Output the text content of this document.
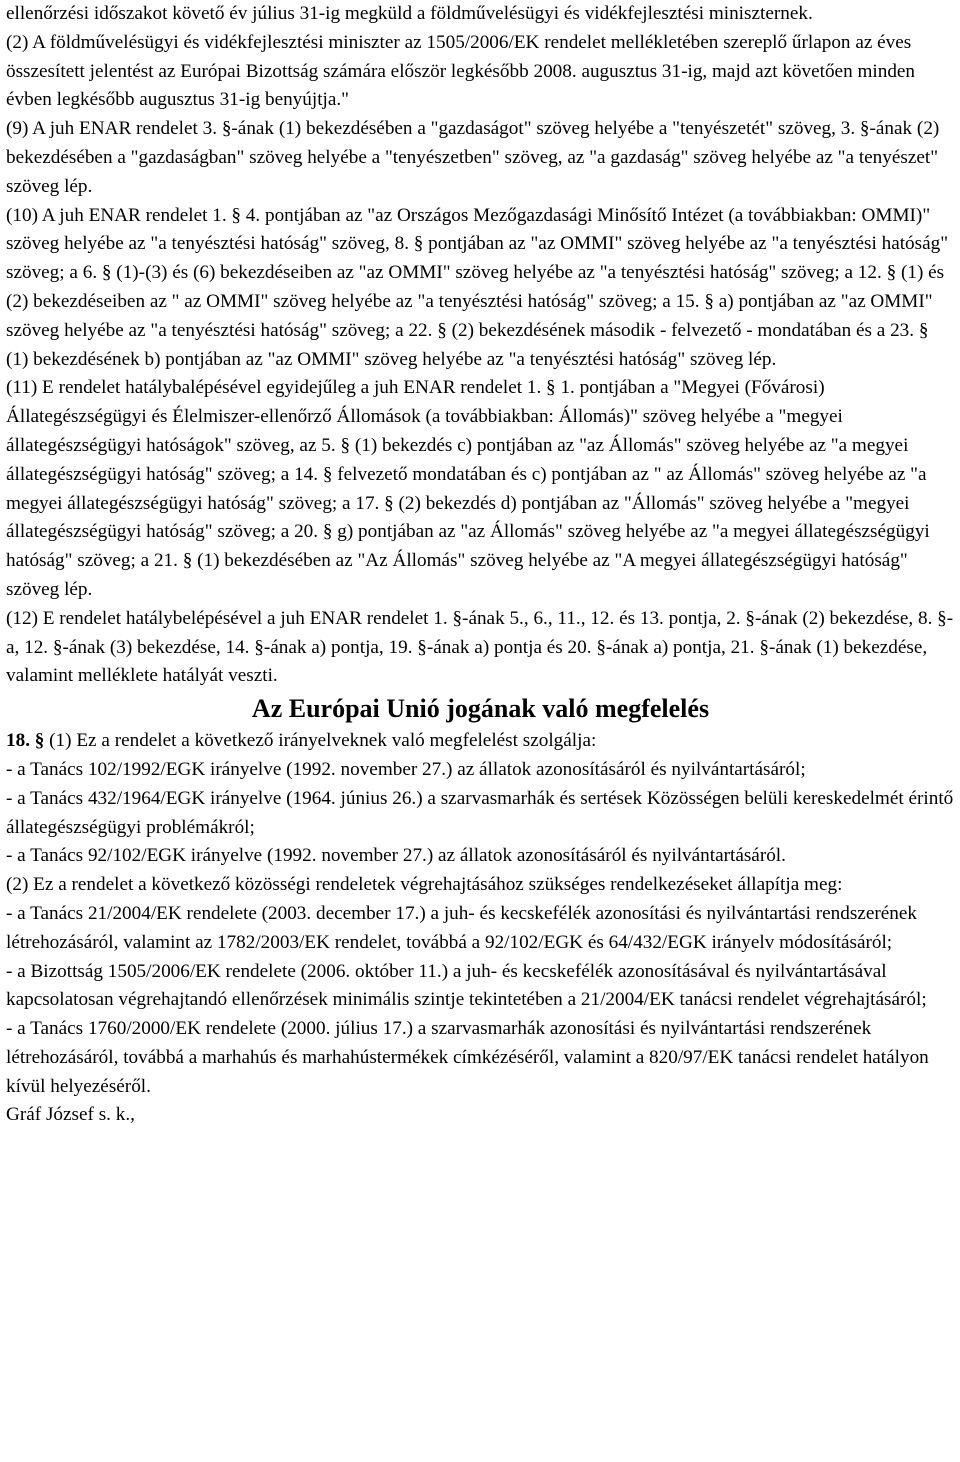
ellenőrzési időszakot követő év július 31-ig megküld a földművelésügyi és vidékfejlesztési miniszternek.

(2) A földművelésügyi és vidékfejlesztési miniszter az 1505/2006/EK rendelet mellékletében szereplő űrlapon az éves összesített jelentést az Európai Bizottság számára először legkésőbb 2008. augusztus 31-ig, majd azt követően minden évben legkésőbb augusztus 31-ig benyújtja."

(9) A juh ENAR rendelet 3. §-ának (1) bekezdésében a "gazdaságot" szöveg helyébe a "tenyészetét" szöveg, 3. §-ának (2) bekezdésében a "gazdaságban" szöveg helyébe a "tenyészetben" szöveg, az "a gazdaság" szöveg helyébe az "a tenyészet" szöveg lép.

(10) A juh ENAR rendelet 1. § 4. pontjában az "az Országos Mezőgazdasági Minősítő Intézet (a továbbiakban: OMMI)" szöveg helyébe az "a tenyésztési hatóság" szöveg, 8. § pontjában az "az OMMI" szöveg helyébe az "a tenyésztési hatóság" szöveg; a 6. § (1)-(3) és (6) bekezdéseiben az "az OMMI" szöveg helyébe az "a tenyésztési hatóság" szöveg; a 12. § (1) és (2) bekezdéseiben az " az OMMI" szöveg helyébe az "a tenyésztési hatóság" szöveg; a 15. § a) pontjában az "az OMMI" szöveg helyébe az "a tenyésztési hatóság" szöveg; a 22. § (2) bekezdésének második - felvezető - mondatában és a 23. § (1) bekezdésének b) pontjában az "az OMMI" szöveg helyébe az "a tenyésztési hatóság" szöveg lép.

(11) E rendelet hatálybalépésével egyidejűleg a juh ENAR rendelet 1. § 1. pontjában a "Megyei (Fővárosi) Állategészségügyi és Élelmiszer-ellenőrző Állomások (a továbbiakban: Állomás)" szöveg helyébe a "megyei állategészségügyi hatóságok" szöveg, az 5. § (1) bekezdés c) pontjában az "az Állomás" szöveg helyébe az "a megyei állategészségügyi hatóság" szöveg; a 14. § felvezető mondatában és c) pontjában az " az Állomás" szöveg helyébe az "a megyei állategészségügyi hatóság" szöveg; a 17. § (2) bekezdés d) pontjában az "Állomás" szöveg helyébe a "megyei állategészségügyi hatóság" szöveg; a 20. § g) pontjában az "az Állomás" szöveg helyébe az "a megyei állategészségügyi hatóság" szöveg; a 21. § (1) bekezdésében az "Az Állomás" szöveg helyébe az "A megyei állategészségügyi hatóság" szöveg lép.

(12) E rendelet hatálybelépésével a juh ENAR rendelet 1. §-ának 5., 6., 11., 12. és 13. pontja, 2. §-ának (2) bekezdése, 8. §-a, 12. §-ának (3) bekezdése, 14. §-ának a) pontja, 19. §-ának a) pontja és 20. §-ának a) pontja, 21. §-ának (1) bekezdése, valamint melléklete hatályát veszti.

Az Európai Unió jogának való megfelelés

18. § (1) Ez a rendelet a következő irányelveknek való megfelelést szolgálja:

- a Tanács 102/1992/EGK irányelve (1992. november 27.) az állatok azonosításáról és nyilvántartásáról;

- a Tanács 432/1964/EGK irányelve (1964. június 26.) a szarvasmarhák és sertések Közösségen belüli kereskedelmét érintő állategészségügyi problémákról;

- a Tanács 92/102/EGK irányelve (1992. november 27.) az állatok azonosításáról és nyilvántartásáról.

(2) Ez a rendelet a következő közösségi rendeletek végrehajtásához szükséges rendelkezéseket állapítja meg:

- a Tanács 21/2004/EK rendelete (2003. december 17.) a juh- és kecskefélék azonosítási és nyilvántartási rendszerének létrehozásáról, valamint az 1782/2003/EK rendelet, továbbá a 92/102/EGK és 64/432/EGK irányelv módosításáról;

- a Bizottság 1505/2006/EK rendelete (2006. október 11.) a juh- és kecskefélék azonosításával és nyilvántartásával kapcsolatosan végrehajtandó ellenőrzések minimális szintje tekintetében a 21/2004/EK tanácsi rendelet végrehajtásáról;

- a Tanács 1760/2000/EK rendelete (2000. július 17.) a szarvasmarhák azonosítási és nyilvántartási rendszerének létrehozásáról, továbbá a marhahús és marhahústermékek címkézéséről, valamint a 820/97/EK tanácsi rendelet hatályon kívül helyezéséről.

Gráf József s. k.,
